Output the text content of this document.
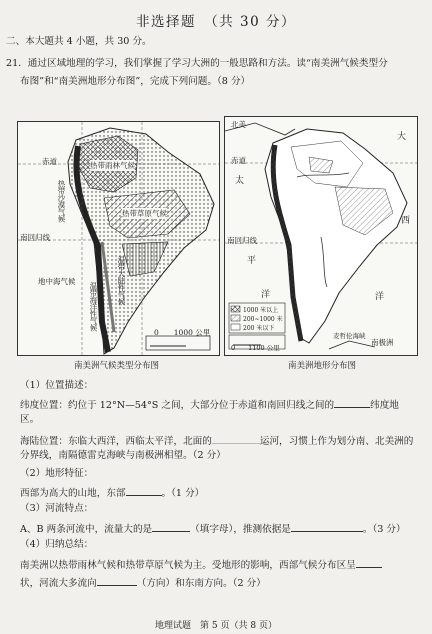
非选择题　（共 30 分）
二、本大题共 4 小题，共 30 分。
21．通过区域地理的学习，我们掌握了学习大洲的一般思路和方法。读“南美洲气候类型分
布图”和“南美洲地形分布图”，完成下列问题。（8 分）
赤道	热带雨林气候
热带草原气候
南回归线
地中海气候
热带沙漠气候
温带海洋性气候
温带大陆性气候
0　　1000 公里
南美洲气候类型分布图
北美
大
赤道
太
西
南回归线
平
洋	洋
麦哲伦海峡
南极洲
1000 米以上
200~1000 米
200 米以下
0　　1100 公里
南美洲地形分布图
（1）位置描述：
纬度位置：约位于 12°N—54°S 之间，大部分位于赤道和南回归线之间的	纬度地
区。
海陆位置：东临大西洋，西临太平洋，北面的	运河，习惯上作为划分南、北美洲的
分界线，南隔德雷克海峡与南极洲相望。（2 分）
（2）地形特征：
西部为高大的山地，东部	。（1 分）
（3）河流特点：
A、B 两条河流中，流量大的是	（填字母），推测依据是	。（3 分）
（4）归纳总结：
南美洲以热带雨林气候和热带草原气候为主。受地形的影响，西部气候分布区呈
状，河流大多流向	（方向）和东南方向。（2 分）
地理试题　第 5 页（共 8 页）
